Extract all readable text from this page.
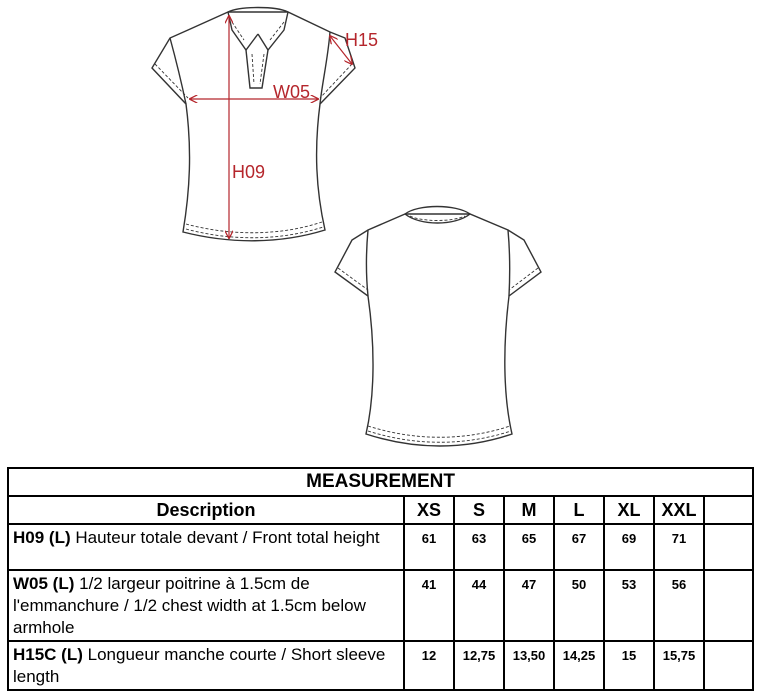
H15
W05
H09
MEASUREMENT							
Description	XS	S	M	L	XL	XXL	
H09 (L) Hauteur totale devant / Front total height	61	63	65	67	69	71	
W05 (L) 1/2 largeur poitrine à 1.5cm de l'emmanchure / 1/2 chest width at 1.5cm below armhole	41	44	47	50	53	56	
H15C (L) Longueur manche courte / Short sleeve length	12	12,75	13,50	14,25	15	15,75	
